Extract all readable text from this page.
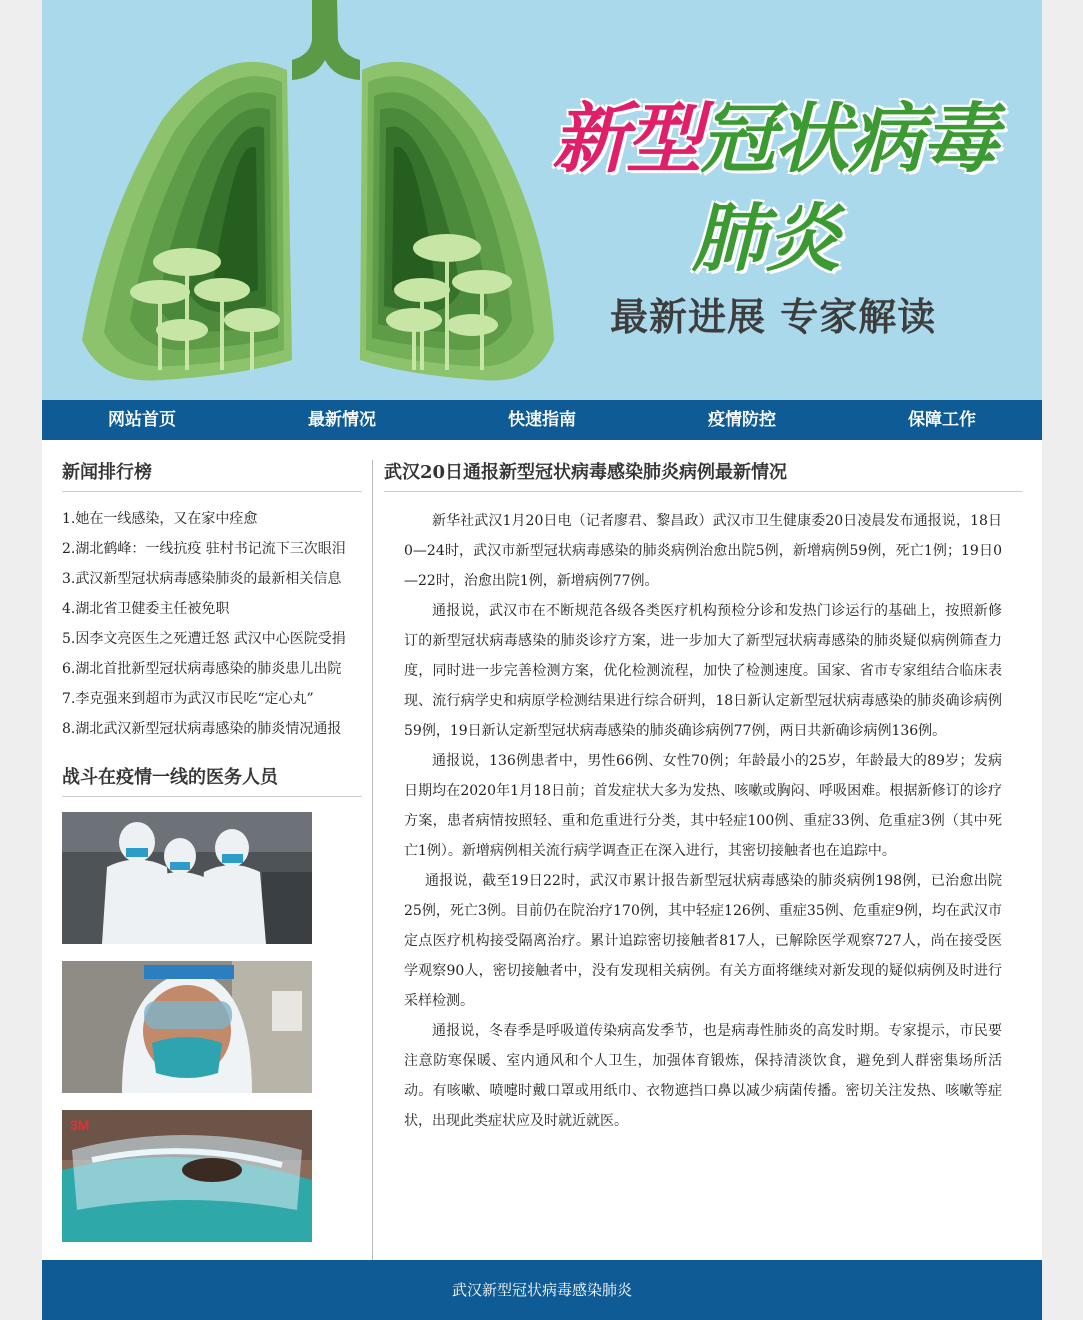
新型冠状病毒
肺炎
最新进展 专家解读
网站首页	最新情况	快速指南	疫情防控	保障工作
新闻排行榜
1.她在一线感染，又在家中痊愈
2.湖北鹤峰：一线抗疫 驻村书记流下三次眼泪
3.武汉新型冠状病毒感染肺炎的最新相关信息
4.湖北省卫健委主任被免职
5.因李文亮医生之死遭迁怒 武汉中心医院受捐
6.湖北首批新型冠状病毒感染的肺炎患儿出院
7.李克强来到超市为武汉市民吃“定心丸”
8.湖北武汉新型冠状病毒感染的肺炎情况通报
战斗在疫情一线的医务人员
3M
武汉20日通报新型冠状病毒感染肺炎病例最新情况

新华社武汉1月20日电（记者廖君、黎昌政）武汉市卫生健康委20日凌晨发布通报说，18日0—24时，武汉市新型冠状病毒感染的肺炎病例治愈出院5例，新增病例59例，死亡1例；19日0—22时，治愈出院1例，新增病例77例。

通报说，武汉市在不断规范各级各类医疗机构预检分诊和发热门诊运行的基础上，按照新修订的新型冠状病毒感染的肺炎诊疗方案，进一步加大了新型冠状病毒感染的肺炎疑似病例筛查力度，同时进一步完善检测方案，优化检测流程，加快了检测速度。国家、省市专家组结合临床表现、流行病学史和病原学检测结果进行综合研判，18日新认定新型冠状病毒感染的肺炎确诊病例59例，19日新认定新型冠状病毒感染的肺炎确诊病例77例，两日共新确诊病例136例。

通报说，136例患者中，男性66例、女性70例；年龄最小的25岁，年龄最大的89岁；发病日期均在2020年1月18日前；首发症状大多为发热、咳嗽或胸闷、呼吸困难。根据新修订的诊疗方案，患者病情按照轻、重和危重进行分类，其中轻症100例、重症33例、危重症3例（其中死亡1例）。新增病例相关流行病学调查正在深入进行，其密切接触者也在追踪中。

通报说，截至19日22时，武汉市累计报告新型冠状病毒感染的肺炎病例198例，已治愈出院25例，死亡3例。目前仍在院治疗170例，其中轻症126例、重症35例、危重症9例，均在武汉市定点医疗机构接受隔离治疗。累计追踪密切接触者817人，已解除医学观察727人，尚在接受医学观察90人，密切接触者中，没有发现相关病例。有关方面将继续对新发现的疑似病例及时进行采样检测。

通报说，冬春季是呼吸道传染病高发季节，也是病毒性肺炎的高发时期。专家提示，市民要注意防寒保暖、室内通风和个人卫生，加强体育锻炼，保持清淡饮食，避免到人群密集场所活动。有咳嗽、喷嚏时戴口罩或用纸巾、衣物遮挡口鼻以减少病菌传播。密切关注发热、咳嗽等症状，出现此类症状应及时就近就医。

武汉新型冠状病毒感染肺炎
